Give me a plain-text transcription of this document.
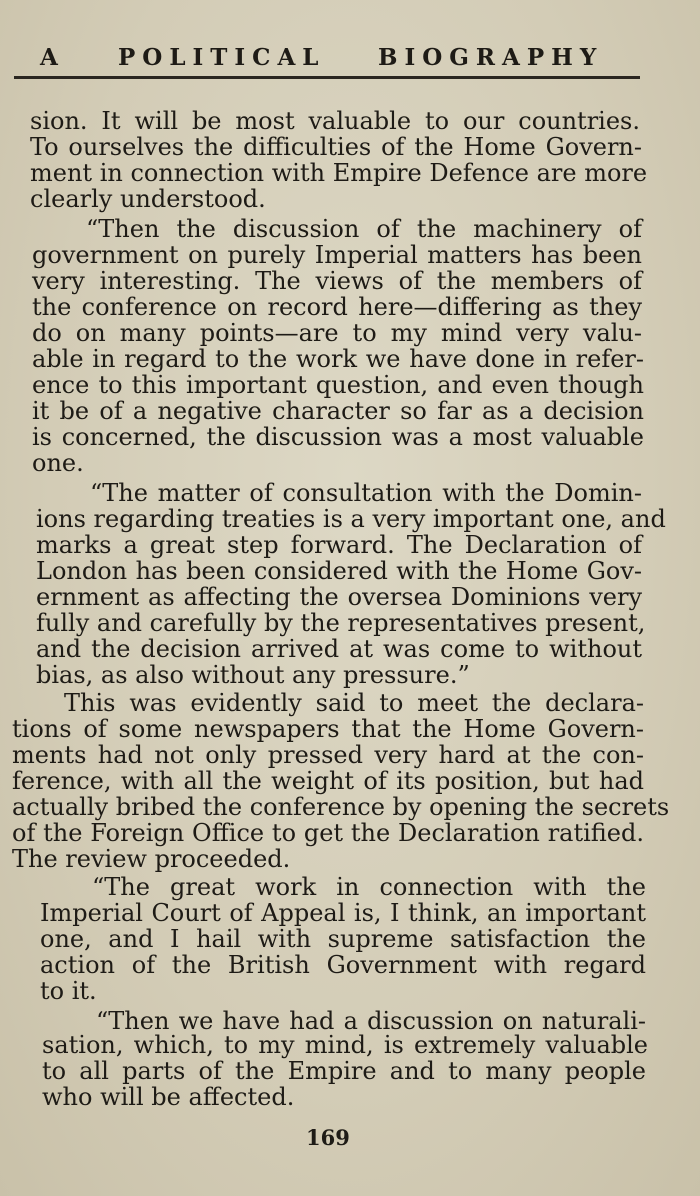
A POLITICAL BIOGRAPHY
sion. It will be most valuable to our countries.
To ourselves the difficulties of the Home Govern-
ment in connection with Empire Defence are more
clearly understood.
“Then the discussion of the machinery of
government on purely Imperial matters has been
very interesting. The views of the members of
the conference on record here—differing as they
do on many points—are to my mind very valu-
able in regard to the work we have done in refer-
ence to this important question, and even though
it be of a negative character so far as a decision
is concerned, the discussion was a most valuable
one.
“The matter of consultation with the Domin-
ions regarding treaties is a very important one, and
marks a great step forward. The Declaration of
London has been considered with the Home Gov-
ernment as affecting the oversea Dominions very
fully and carefully by the representatives present,
and the decision arrived at was come to without
bias, as also without any pressure.”
This was evidently said to meet the declara-
tions of some newspapers that the Home Govern-
ments had not only pressed very hard at the con-
ference, with all the weight of its position, but had
actually bribed the conference by opening the secrets
of the Foreign Office to get the Declaration ratified.
The review proceeded.
“The great work in connection with the
Imperial Court of Appeal is, I think, an important
one, and I hail with supreme satisfaction the
action of the British Government with regard
to it.
“Then we have had a discussion on naturali-
sation, which, to my mind, is extremely valuable
to all parts of the Empire and to many people
who will be affected.
169
